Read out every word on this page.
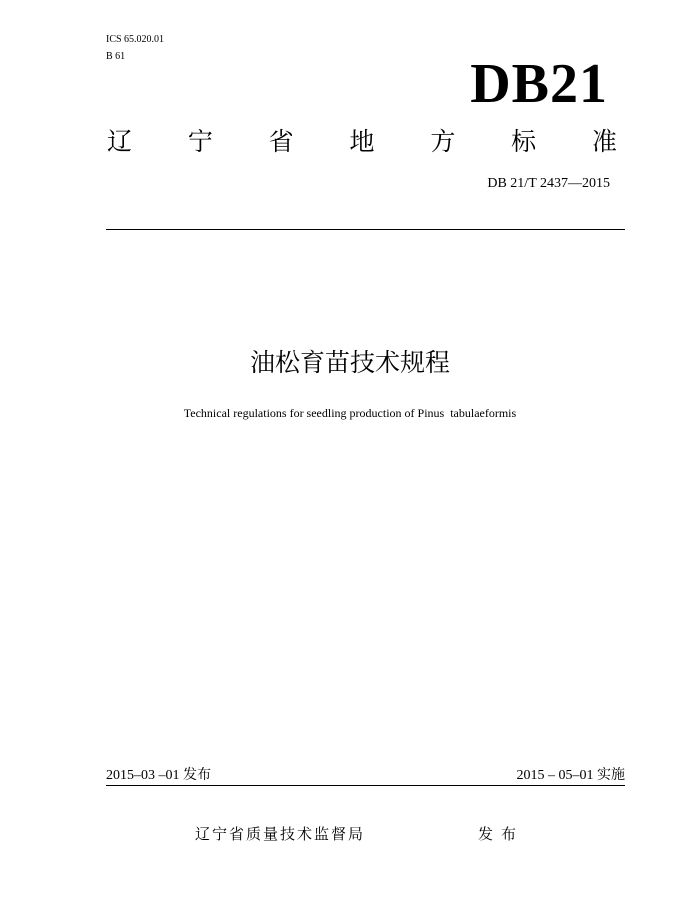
ICS 65.020.01
B 61	DB21
辽 宁 省 地 方 标 准
DB 21/T 2437—2015
油松育苗技术规程
Technical regulations for seedling production of Pinus  tabulaeformis
2015–03 –01 发布	2015 – 05–01 实施
辽宁省质量技术监督局	发布
